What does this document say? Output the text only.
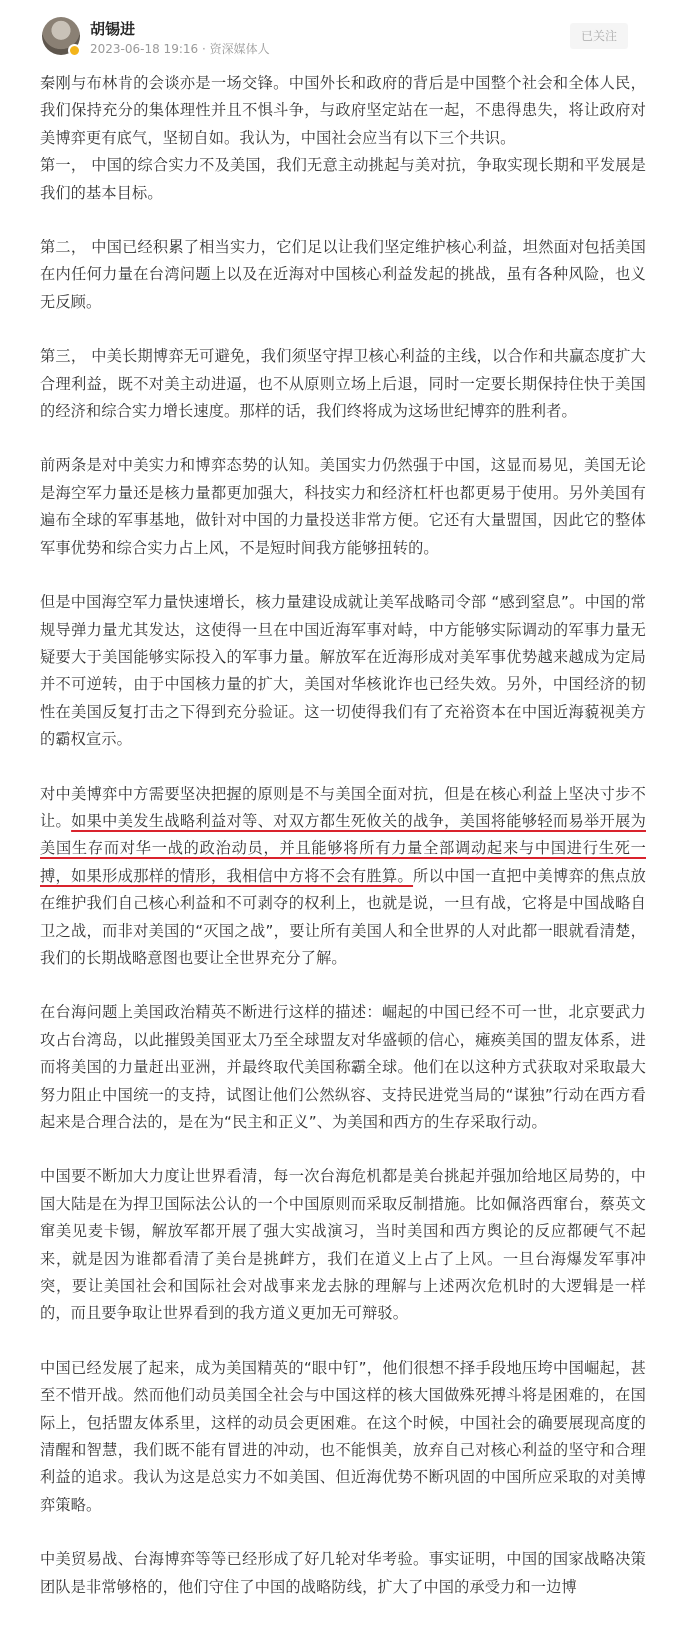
胡锡进
2023-06-18 19:16 · 资深媒体人
已关注

秦刚与布林肯的会谈亦是一场交锋。中国外长和政府的背后是中国整个社会和全体人民，我们保持充分的集体理性并且不惧斗争，与政府坚定站在一起，不患得患失，将让政府对美博弈更有底气，坚韧自如。我认为，中国社会应当有以下三个共识。

第一， 中国的综合实力不及美国，我们无意主动挑起与美对抗，争取实现长期和平发展是我们的基本目标。

第二， 中国已经积累了相当实力，它们足以让我们坚定维护核心利益，坦然面对包括美国在内任何力量在台湾问题上以及在近海对中国核心利益发起的挑战，虽有各种风险，也义无反顾。

第三， 中美长期博弈无可避免，我们须坚守捍卫核心利益的主线，以合作和共赢态度扩大合理利益，既不对美主动进逼，也不从原则立场上后退，同时一定要长期保持住快于美国的经济和综合实力增长速度。那样的话，我们终将成为这场世纪博弈的胜利者。

前两条是对中美实力和博弈态势的认知。美国实力仍然强于中国，这显而易见，美国无论是海空军力量还是核力量都更加强大，科技实力和经济杠杆也都更易于使用。另外美国有遍布全球的军事基地，做针对中国的力量投送非常方便。它还有大量盟国，因此它的整体军事优势和综合实力占上风，不是短时间我方能够扭转的。

但是中国海空军力量快速增长，核力量建设成就让美军战略司令部 “感到窒息”。中国的常规导弹力量尤其发达，这使得一旦在中国近海军事对峙，中方能够实际调动的军事力量无疑要大于美国能够实际投入的军事力量。解放军在近海形成对美军事优势越来越成为定局并不可逆转，由于中国核力量的扩大，美国对华核讹诈也已经失效。另外，中国经济的韧性在美国反复打击之下得到充分验证。这一切使得我们有了充裕资本在中国近海藐视美方的霸权宣示。

对中美博弈中方需要坚决把握的原则是不与美国全面对抗，但是在核心利益上坚决寸步不让。如果中美发生战略利益对等、对双方都生死攸关的战争，美国将能够轻而易举开展为美国生存而对华一战的政治动员，并且能够将所有力量全部调动起来与中国进行生死一搏，如果形成那样的情形，我相信中方将不会有胜算。所以中国一直把中美博弈的焦点放在维护我们自己核心利益和不可剥夺的权利上，也就是说，一旦有战，它将是中国战略自卫之战，而非对美国的“灭国之战”，要让所有美国人和全世界的人对此都一眼就看清楚，我们的长期战略意图也要让全世界充分了解。

在台海问题上美国政治精英不断进行这样的描述：崛起的中国已经不可一世，北京要武力攻占台湾岛，以此摧毁美国亚太乃至全球盟友对华盛顿的信心，瘫痪美国的盟友体系，进而将美国的力量赶出亚洲，并最终取代美国称霸全球。他们在以这种方式获取对采取最大努力阻止中国统一的支持，试图让他们公然纵容、支持民进党当局的“谋独”行动在西方看起来是合理合法的，是在为“民主和正义”、为美国和西方的生存采取行动。

中国要不断加大力度让世界看清，每一次台海危机都是美台挑起并强加给地区局势的，中国大陆是在为捍卫国际法公认的一个中国原则而采取反制措施。比如佩洛西窜台，蔡英文窜美见麦卡锡，解放军都开展了强大实战演习，当时美国和西方舆论的反应都硬气不起来，就是因为谁都看清了美台是挑衅方，我们在道义上占了上风。一旦台海爆发军事冲突，要让美国社会和国际社会对战事来龙去脉的理解与上述两次危机时的大逻辑是一样的，而且要争取让世界看到的我方道义更加无可辩驳。

中国已经发展了起来，成为美国精英的“眼中钉”，他们很想不择手段地压垮中国崛起，甚至不惜开战。然而他们动员美国全社会与中国这样的核大国做殊死搏斗将是困难的，在国际上，包括盟友体系里，这样的动员会更困难。在这个时候，中国社会的确要展现高度的清醒和智慧，我们既不能有冒进的冲动，也不能惧美，放弃自己对核心利益的坚守和合理利益的追求。我认为这是总实力不如美国、但近海优势不断巩固的中国所应采取的对美博弈策略。

中美贸易战、台海博弈等等已经形成了好几轮对华考验。事实证明，中国的国家战略决策团队是非常够格的，他们守住了中国的战略防线，扩大了中国的承受力和一边博
